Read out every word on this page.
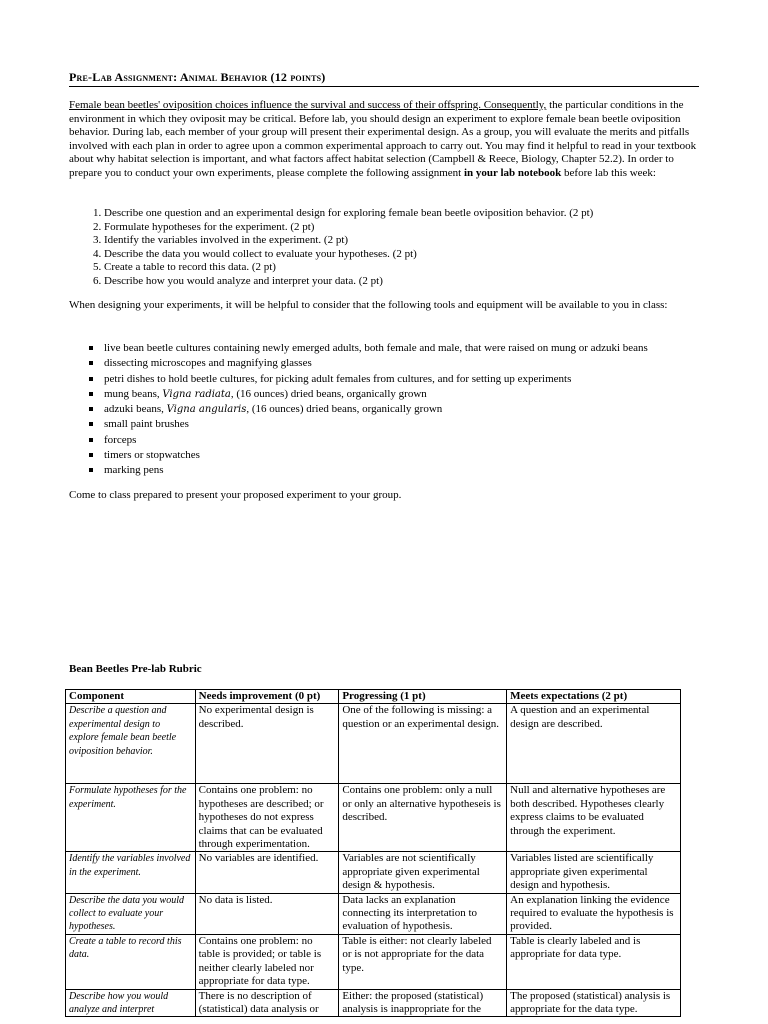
Pre-Lab Assignment: Animal Behavior (12 points)
Female bean beetles' oviposition choices influence the survival and success of their offspring. Consequently, the particular conditions in the environment in which they oviposit may be critical. Before lab, you should design an experiment to explore female bean beetle oviposition behavior. During lab, each member of your group will present their experimental design. As a group, you will evaluate the merits and pitfalls involved with each plan in order to agree upon a common experimental approach to carry out. You may find it helpful to read in your textbook about why habitat selection is important, and what factors affect habitat selection (Campbell & Reece, Biology, Chapter 52.2). In order to prepare you to conduct your own experiments, please complete the following assignment in your lab notebook before lab this week:
1. Describe one question and an experimental design for exploring female bean beetle oviposition behavior. (2 pt)
2. Formulate hypotheses for the experiment. (2 pt)
3. Identify the variables involved in the experiment. (2 pt)
4. Describe the data you would collect to evaluate your hypotheses. (2 pt)
5. Create a table to record this data. (2 pt)
6. Describe how you would analyze and interpret your data. (2 pt)
When designing your experiments, it will be helpful to consider that the following tools and equipment will be available to you in class:
live bean beetle cultures containing newly emerged adults, both female and male, that were raised on mung or adzuki beans
dissecting microscopes and magnifying glasses
petri dishes to hold beetle cultures, for picking adult females from cultures, and for setting up experiments
mung beans, Vigna radiata, (16 ounces) dried beans, organically grown
adzuki beans, Vigna angularis, (16 ounces) dried beans, organically grown
small paint brushes
forceps
timers or stopwatches
marking pens
Come to class prepared to present your proposed experiment to your group.
Bean Beetles Pre-lab Rubric
Component	Needs improvement (0 pt)	Progressing (1 pt)	Meets expectations (2 pt)
Describe a question and experimental design to explore female bean beetle oviposition behavior.	No experimental design is described.	One of the following is missing: a question or an experimental design.	A question and an experimental design are described.
Formulate hypotheses for the experiment.	Contains one problem: no hypotheses are described; or hypotheses do not express claims that can be evaluated through experimentation.	Contains one problem: only a null or only an alternative hypotheseis is described.	Null and alternative hypotheses are both described. Hypotheses clearly express claims to be evaluated through the experiment.
Identify the variables involved in the experiment.	No variables are identified.	Variables are not scientifically appropriate given experimental design & hypothesis.	Variables listed are scientifically appropriate given experimental design and hypothesis.
Describe the data you would collect to evaluate your hypotheses.	No data is listed.	Data lacks an explanation connecting its interpretation to evaluation of hypothesis.	An explanation linking the evidence required to evaluate the hypothesis is provided.
Create a table to record this data.	Contains one problem: no table is provided; or table is neither clearly labeled nor appropriate for data type.	Table is either: not clearly labeled or is not appropriate for the data type.	Table is clearly labeled and is appropriate for data type.
Describe how you would analyze and interpret	There is no description of (statistical) data analysis or	Either: the proposed (statistical) analysis is inappropriate for the	The proposed (statistical) analysis is appropriate for the data type.
